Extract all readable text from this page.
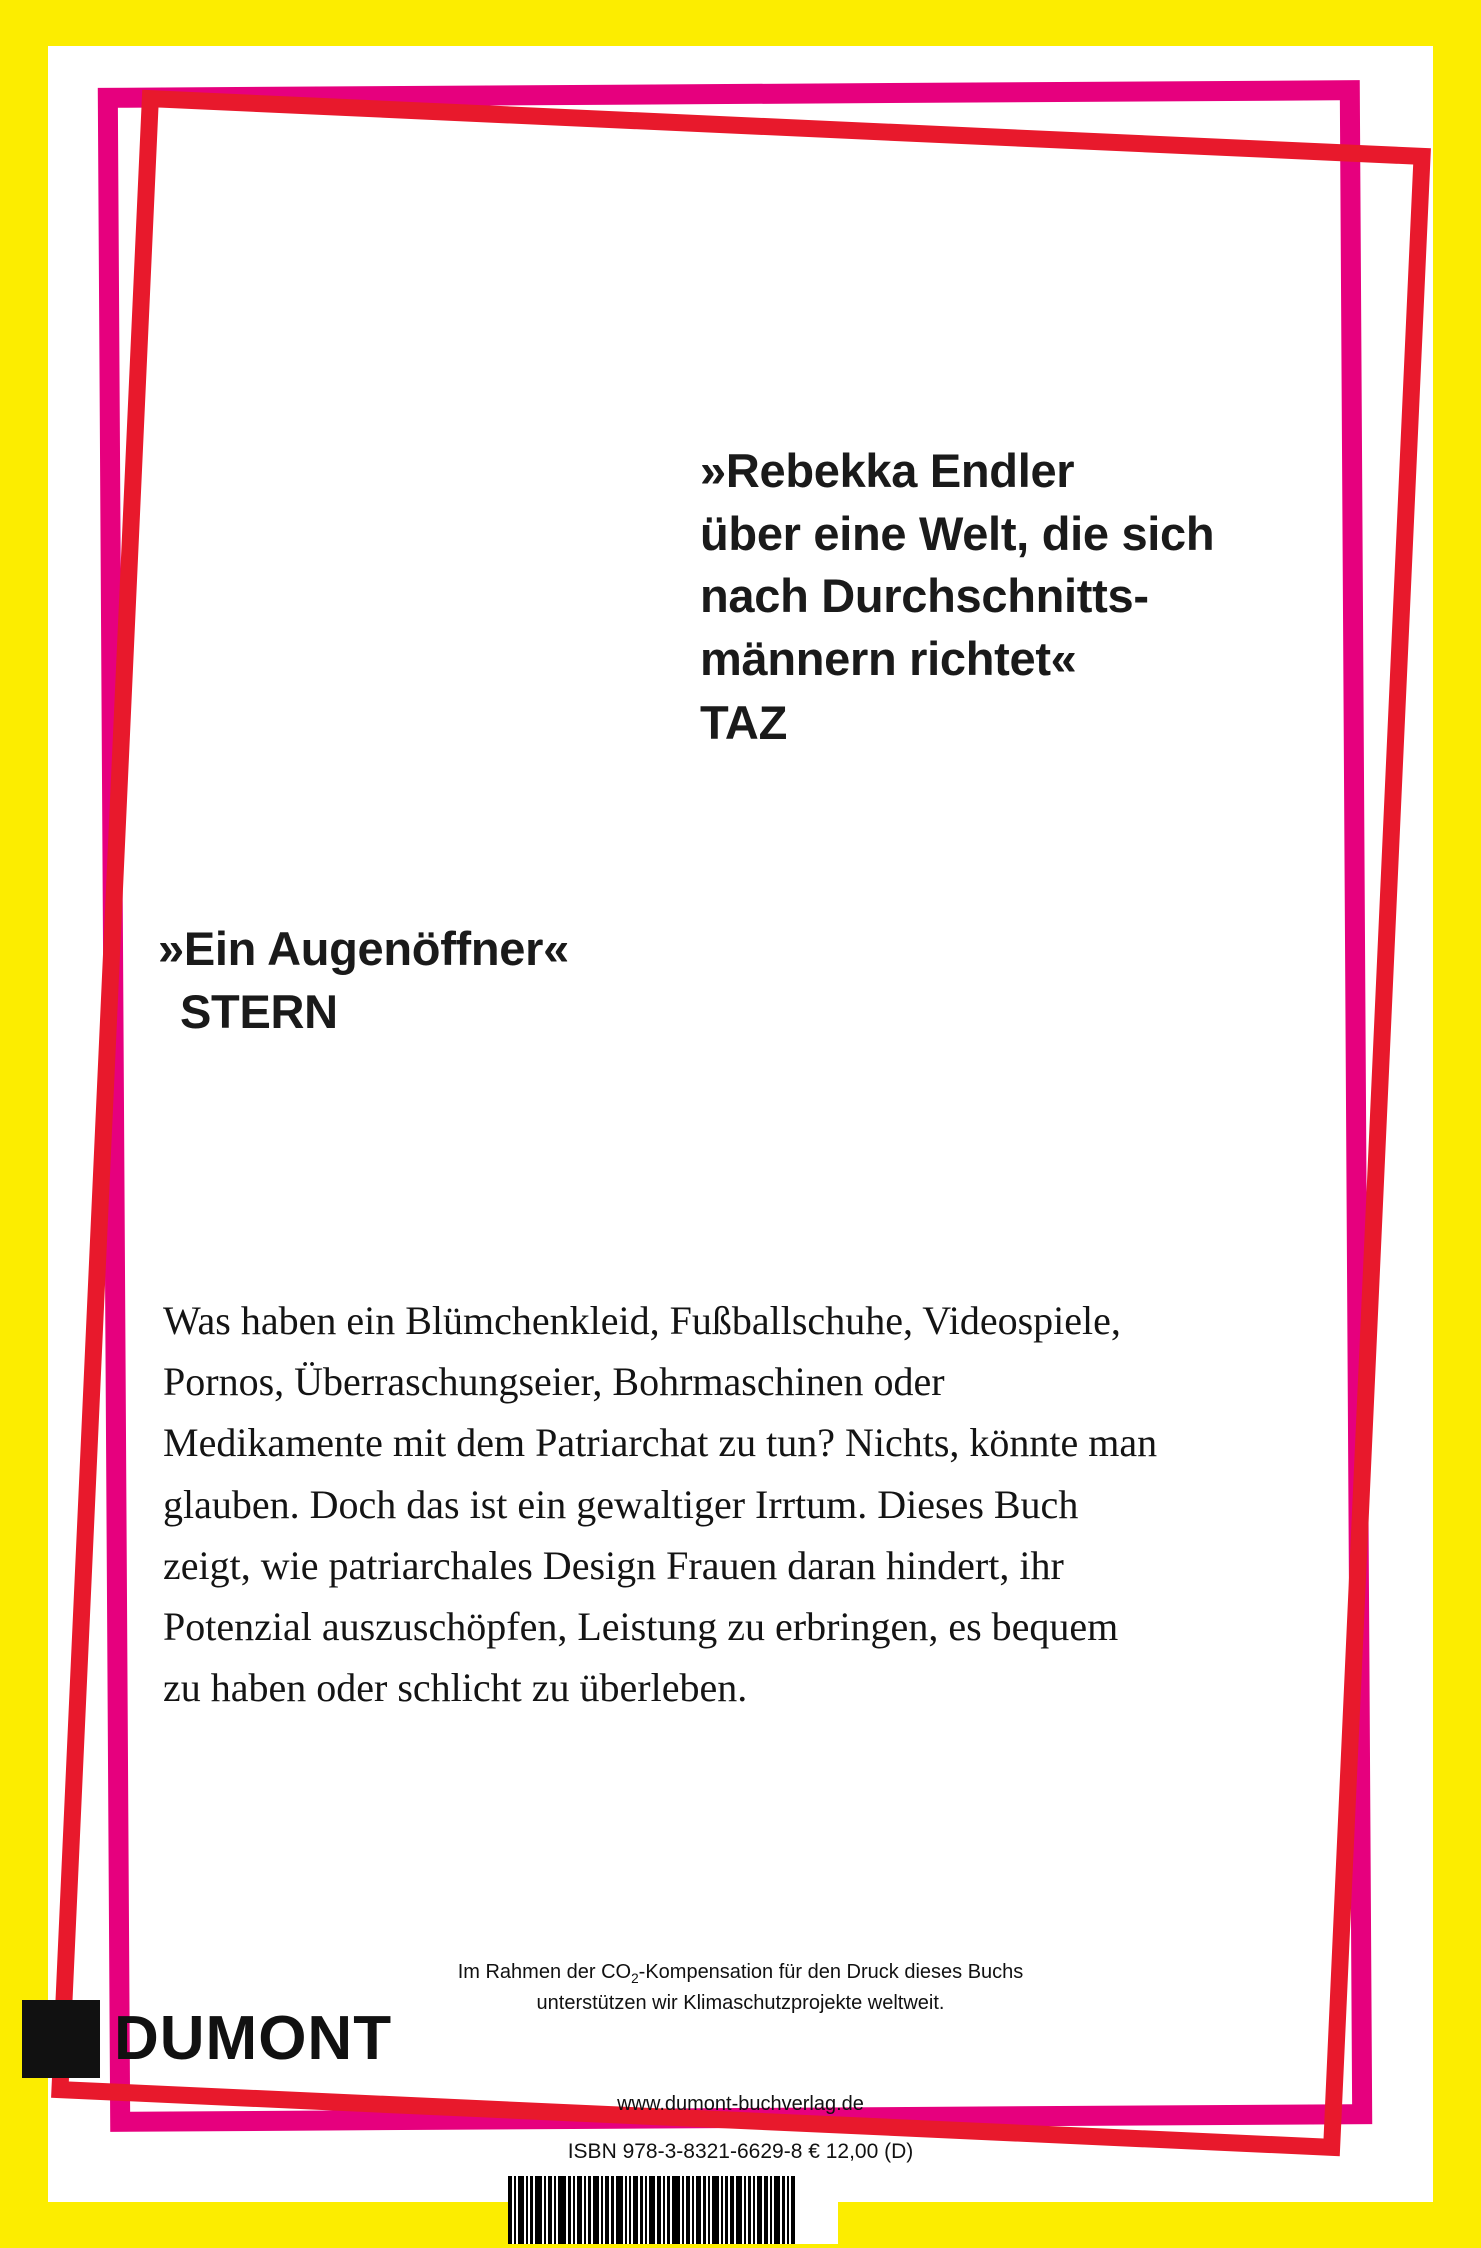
»Rebekka Endler
über eine Welt, die sich
nach Durchschnitts-
männern richtet«
TAZ
»Ein Augenöffner«
STERN
Was haben ein Blümchenkleid, Fußballschuhe, Videospiele, Pornos, Überraschungseier, Bohrmaschinen oder Medikamente mit dem Patriarchat zu tun? Nichts, könnte man glauben. Doch das ist ein gewaltiger Irrtum. Dieses Buch zeigt, wie patriarchales Design Frauen daran hindert, ihr Potenzial auszuschöpfen, Leistung zu erbringen, es bequem zu haben oder schlicht zu überleben.
Im Rahmen der $CO_2$-Kompensation für den Druck dieses Buchs
unterstützen wir Klimaschutzprojekte weltweit.
www.dumont-buchverlag.de
ISBN 978-3-8321-6629-8 € 12,00 (D)
DUMONT
